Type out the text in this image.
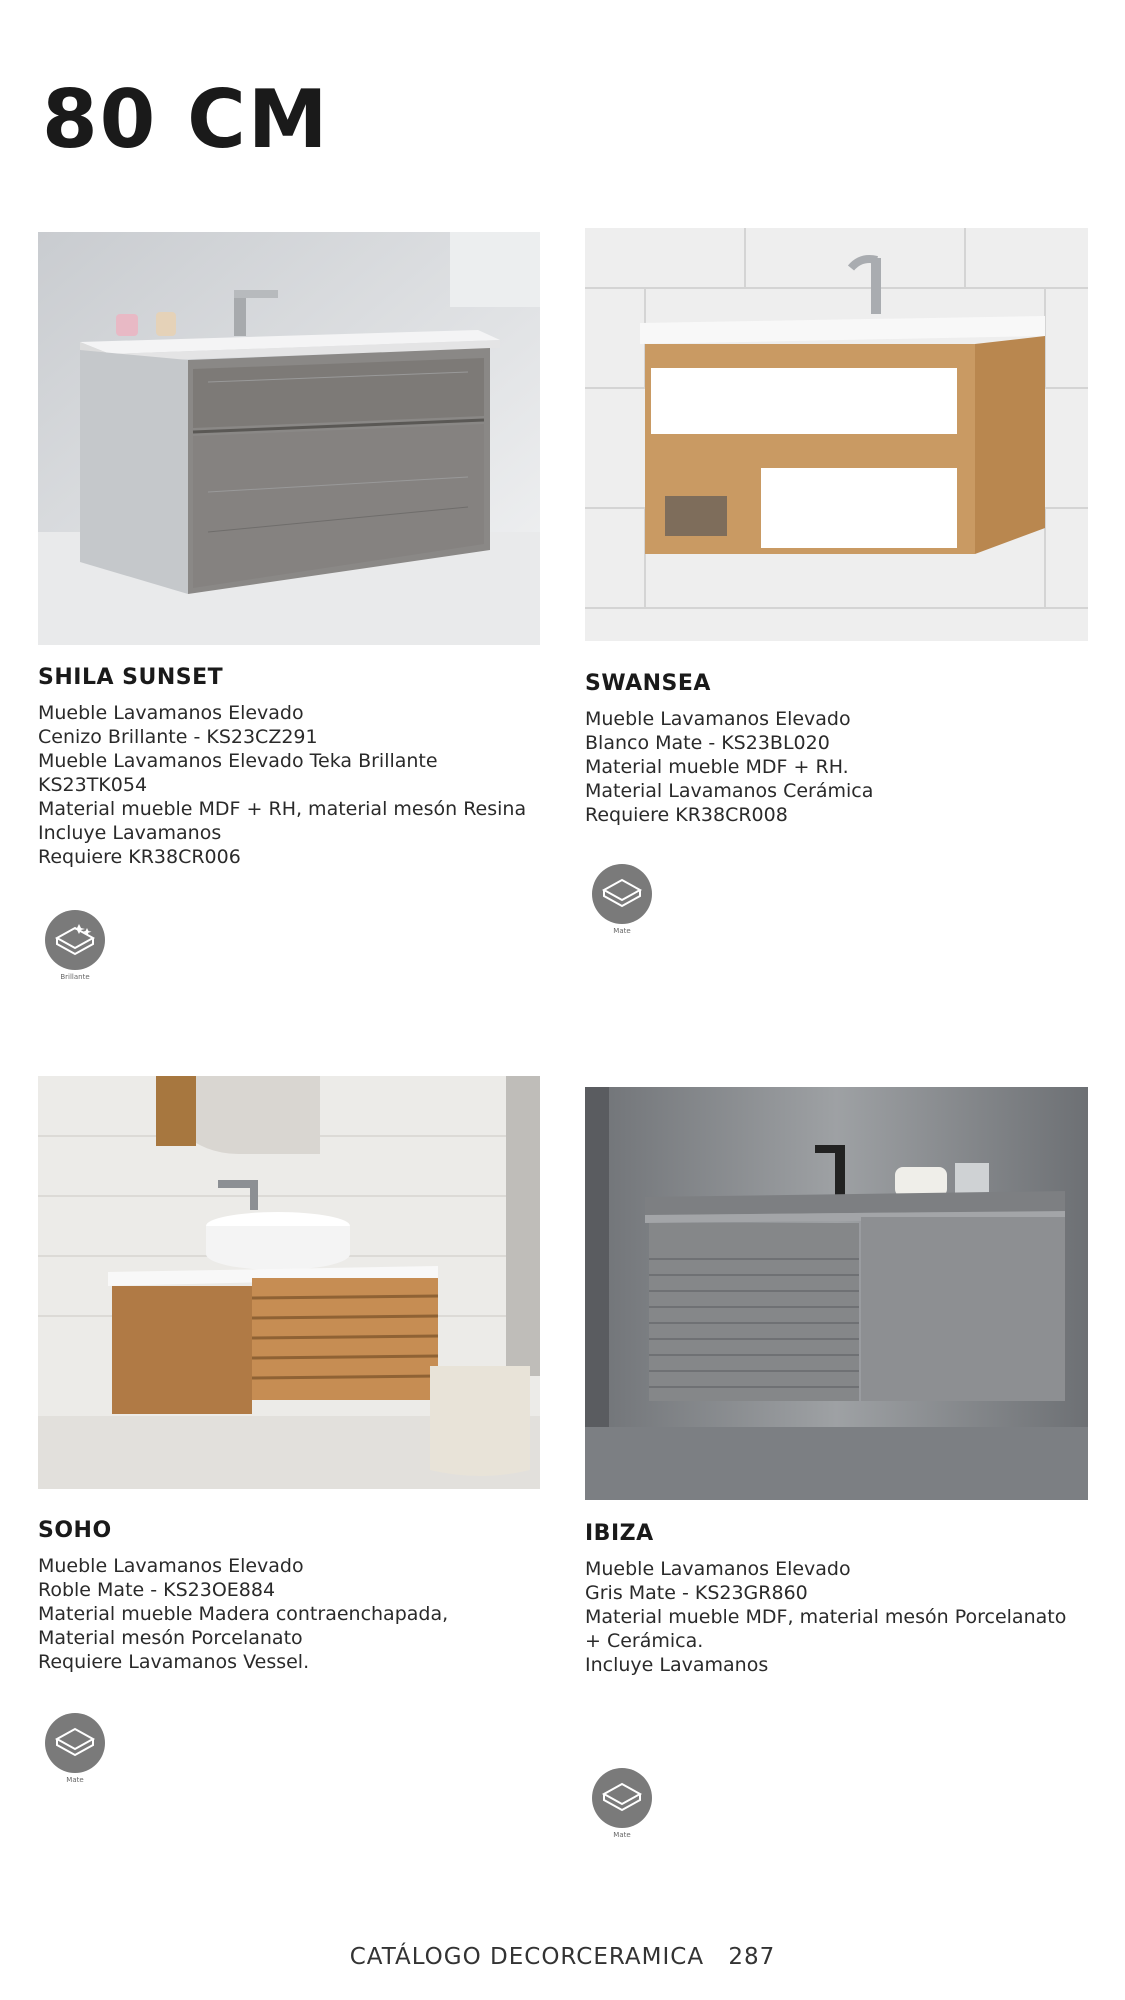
80 CM
SHILA SUNSET
Mueble Lavamanos Elevado
Cenizo Brillante - KS23CZ291
Mueble Lavamanos Elevado Teka Brillante
KS23TK054
Material mueble MDF + RH, material mesón Resina
Incluye Lavamanos
Requiere KR38CR006
Brillante
SWANSEA
Mueble Lavamanos Elevado
Blanco Mate - KS23BL020
Material mueble MDF + RH.
Material Lavamanos Cerámica
Requiere KR38CR008
Mate
SOHO
Mueble Lavamanos Elevado
Roble Mate - KS23OE884
Material mueble Madera contraenchapada,
Material mesón Porcelanato
Requiere Lavamanos Vessel.
Mate
IBIZA
Mueble Lavamanos Elevado
Gris Mate - KS23GR860
Material mueble MDF, material mesón Porcelanato
+ Cerámica.
Incluye Lavamanos
Mate
CATÁLOGO DECORCERAMICA 287
